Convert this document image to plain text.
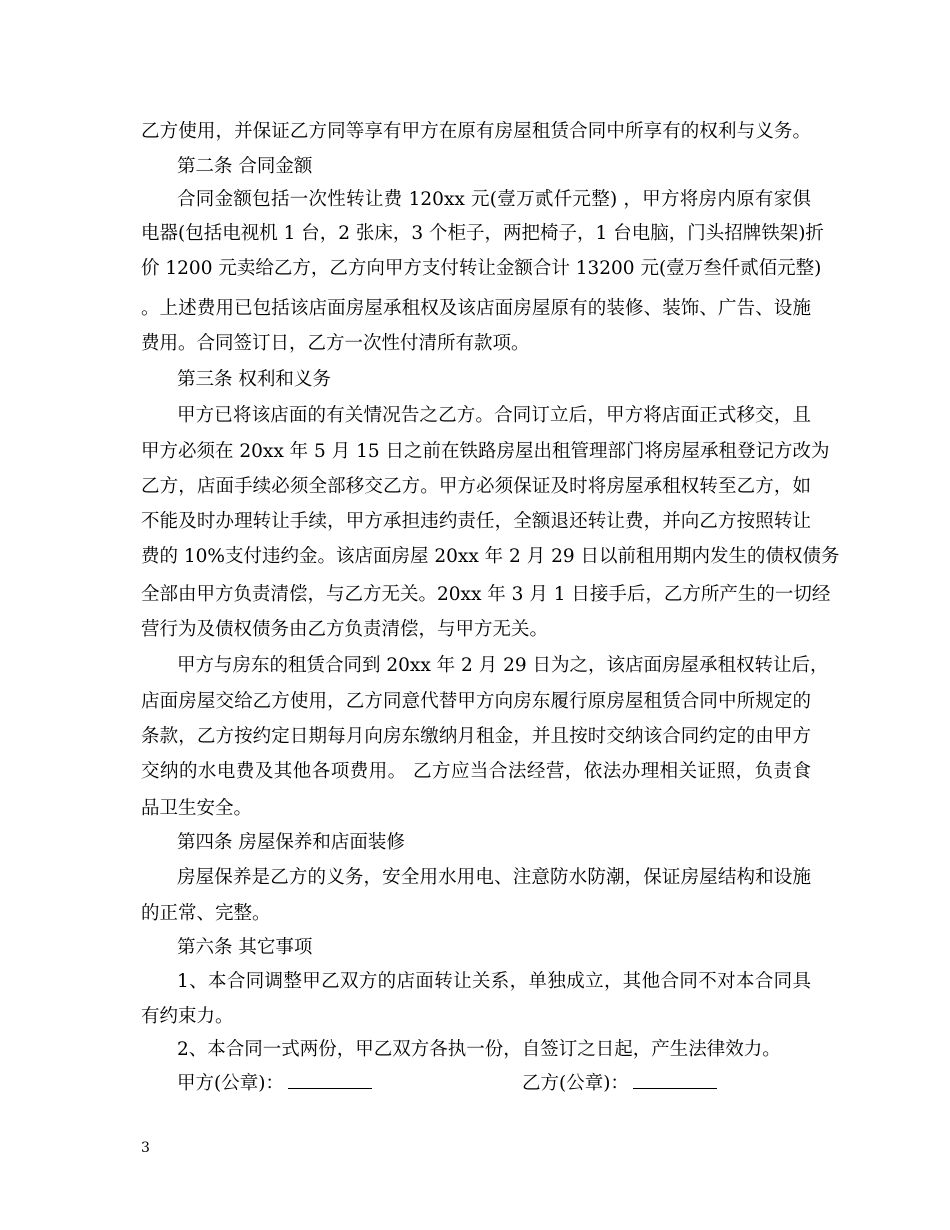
乙方使用，并保证乙方同等享有甲方在原有房屋租赁合同中所享有的权利与义务。
第二条 合同金额
合同金额包括一次性转让费 120xx 元(壹万贰仟元整) ，甲方将房内原有家俱
电器(包括电视机 1 台，2 张床，3 个柜子，两把椅子，1 台电脑，门头招牌铁架)折
价 1200 元卖给乙方，乙方向甲方支付转让金额合计 13200 元(壹万叁仟贰佰元整)
。上述费用已包括该店面房屋承租权及该店面房屋原有的装修、装饰、广告、设施
费用。合同签订日，乙方一次性付清所有款项。
第三条 权利和义务
甲方已将该店面的有关情况告之乙方。合同订立后，甲方将店面正式移交，且
甲方必须在 20xx 年 5 月 15 日之前在铁路房屋出租管理部门将房屋承租登记方改为
乙方，店面手续必须全部移交乙方。甲方必须保证及时将房屋承租权转至乙方，如
不能及时办理转让手续，甲方承担违约责任，全额退还转让费，并向乙方按照转让
费的 10%支付违约金。该店面房屋 20xx 年 2 月 29 日以前租用期内发生的债权债务
全部由甲方负责清偿，与乙方无关。20xx 年 3 月 1 日接手后，乙方所产生的一切经
营行为及债权债务由乙方负责清偿，与甲方无关。
甲方与房东的租赁合同到 20xx 年 2 月 29 日为之，该店面房屋承租权转让后，
店面房屋交给乙方使用，乙方同意代替甲方向房东履行原房屋租赁合同中所规定的
条款，乙方按约定日期每月向房东缴纳月租金，并且按时交纳该合同约定的由甲方
交纳的水电费及其他各项费用。 乙方应当合法经营，依法办理相关证照，负责食
品卫生安全。
第四条 房屋保养和店面装修
房屋保养是乙方的义务，安全用水用电、注意防水防潮，保证房屋结构和设施
的正常、完整。
第六条 其它事项
1、本合同调整甲乙双方的店面转让关系，单独成立，其他合同不对本合同具
有约束力。
2、本合同一式两份，甲乙双方各执一份，自签订之日起，产生法律效力。
甲方(公章)：	乙方(公章)：
3
